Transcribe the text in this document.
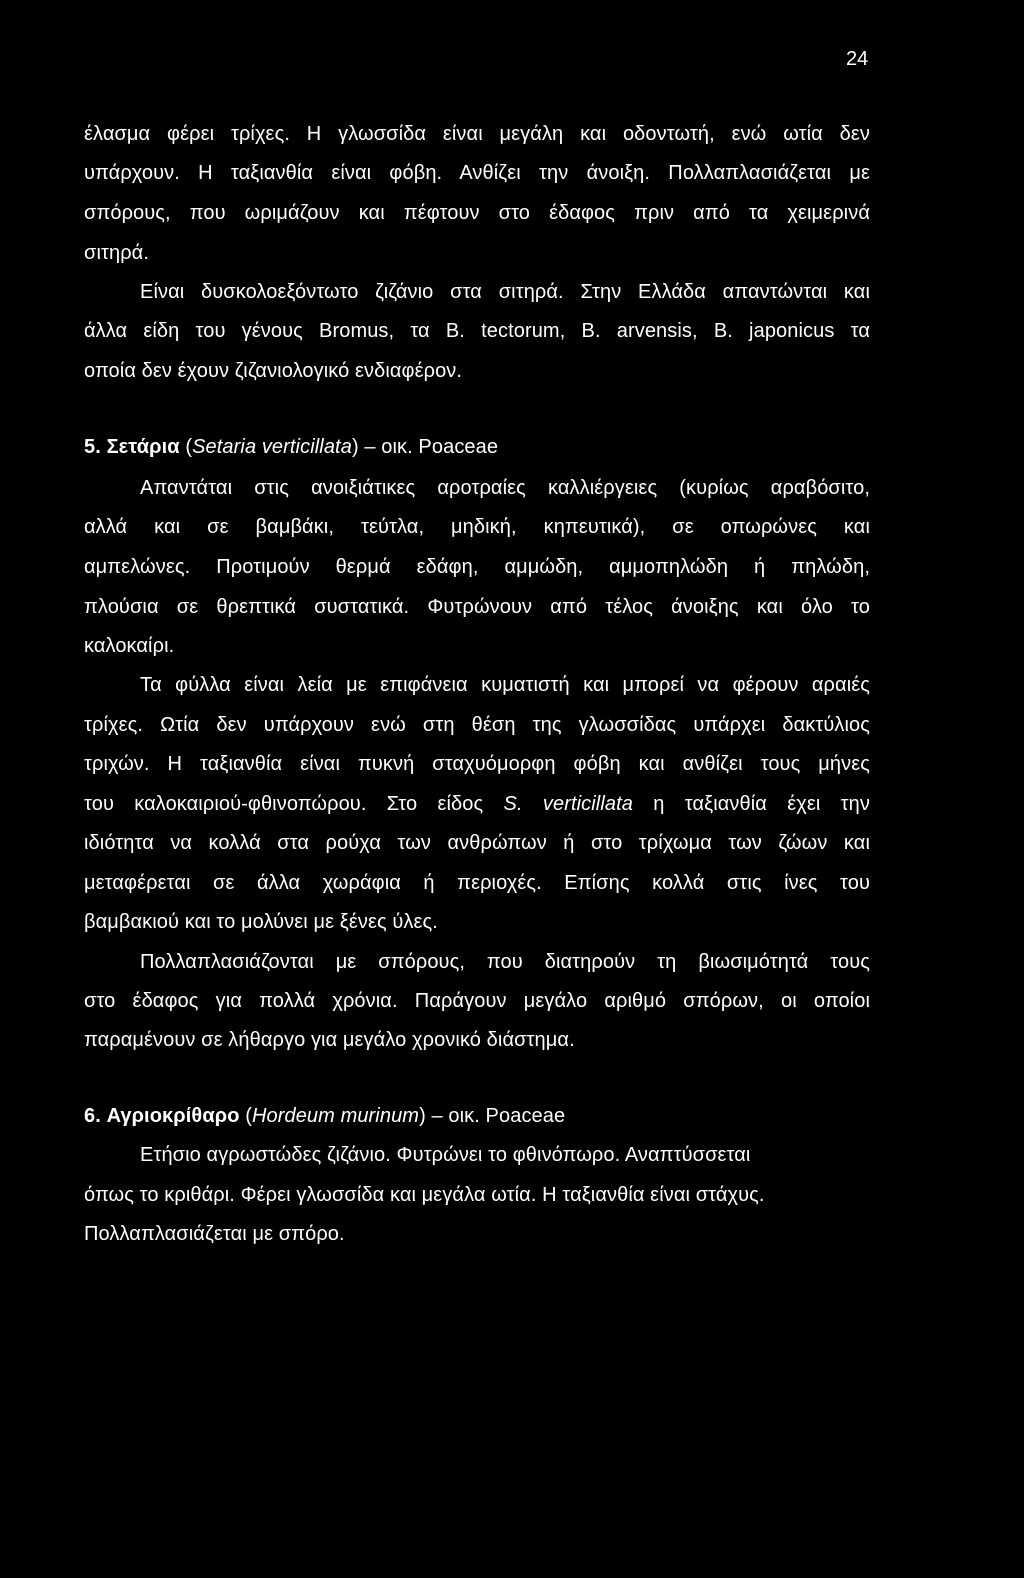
24
έλασμα φέρει τρίχες. Η γλωσσίδα είναι μεγάλη και οδοντωτή, ενώ ωτία δεν
υπάρχουν. Η ταξιανθία είναι φόβη. Ανθίζει την άνοιξη. Πολλαπλασιάζεται με
σπόρους, που ωριμάζουν και πέφτουν στο έδαφος πριν από τα χειμερινά
σιτηρά.
Είναι δυσκολοεξόντωτο ζιζάνιο στα σιτηρά. Στην Ελλάδα απαντώνται και
άλλα είδη του γένους Bromus, τα B. tectorum, B. arvensis, B. japonicus τα
οποία δεν έχουν ζιζανιολογικό ενδιαφέρον.
5. Σετάρια (Setaria verticillata) – οικ. Poaceae
Απαντάται στις ανοιξιάτικες αροτραίες καλλιέργειες (κυρίως αραβόσιτο,
αλλά και σε βαμβάκι, τεύτλα, μηδική, κηπευτικά), σε οπωρώνες και
αμπελώνες. Προτιμούν θερμά εδάφη, αμμώδη, αμμοπηλώδη ή πηλώδη,
πλούσια σε θρεπτικά συστατικά. Φυτρώνουν από τέλος άνοιξης και όλο το
καλοκαίρι.
Τα φύλλα είναι λεία με επιφάνεια κυματιστή και μπορεί να φέρουν αραιές
τρίχες. Ωτία δεν υπάρχουν ενώ στη θέση της γλωσσίδας υπάρχει δακτύλιος
τριχών. Η ταξιανθία είναι πυκνή σταχυόμορφη φόβη και ανθίζει τους μήνες
του καλοκαιριού-φθινοπώρου. Στο είδος S. verticillata η ταξιανθία έχει την
ιδιότητα να κολλά στα ρούχα των ανθρώπων ή στο τρίχωμα των ζώων και
μεταφέρεται σε άλλα χωράφια ή περιοχές. Επίσης κολλά στις ίνες του
βαμβακιού και το μολύνει με ξένες ύλες.
Πολλαπλασιάζονται με σπόρους, που διατηρούν τη βιωσιμότητά τους
στο έδαφος για πολλά χρόνια. Παράγουν μεγάλο αριθμό σπόρων, οι οποίοι
παραμένουν σε λήθαργο για μεγάλο χρονικό διάστημα.
6. Αγριοκρίθαρο (Hordeum murinum) – οικ. Poaceae
Ετήσιο αγρωστώδες ζιζάνιο. Φυτρώνει το φθινόπωρο. Αναπτύσσεται
όπως το κριθάρι. Φέρει γλωσσίδα και μεγάλα ωτία. Η ταξιανθία είναι στάχυς.
Πολλαπλασιάζεται με σπόρο.
